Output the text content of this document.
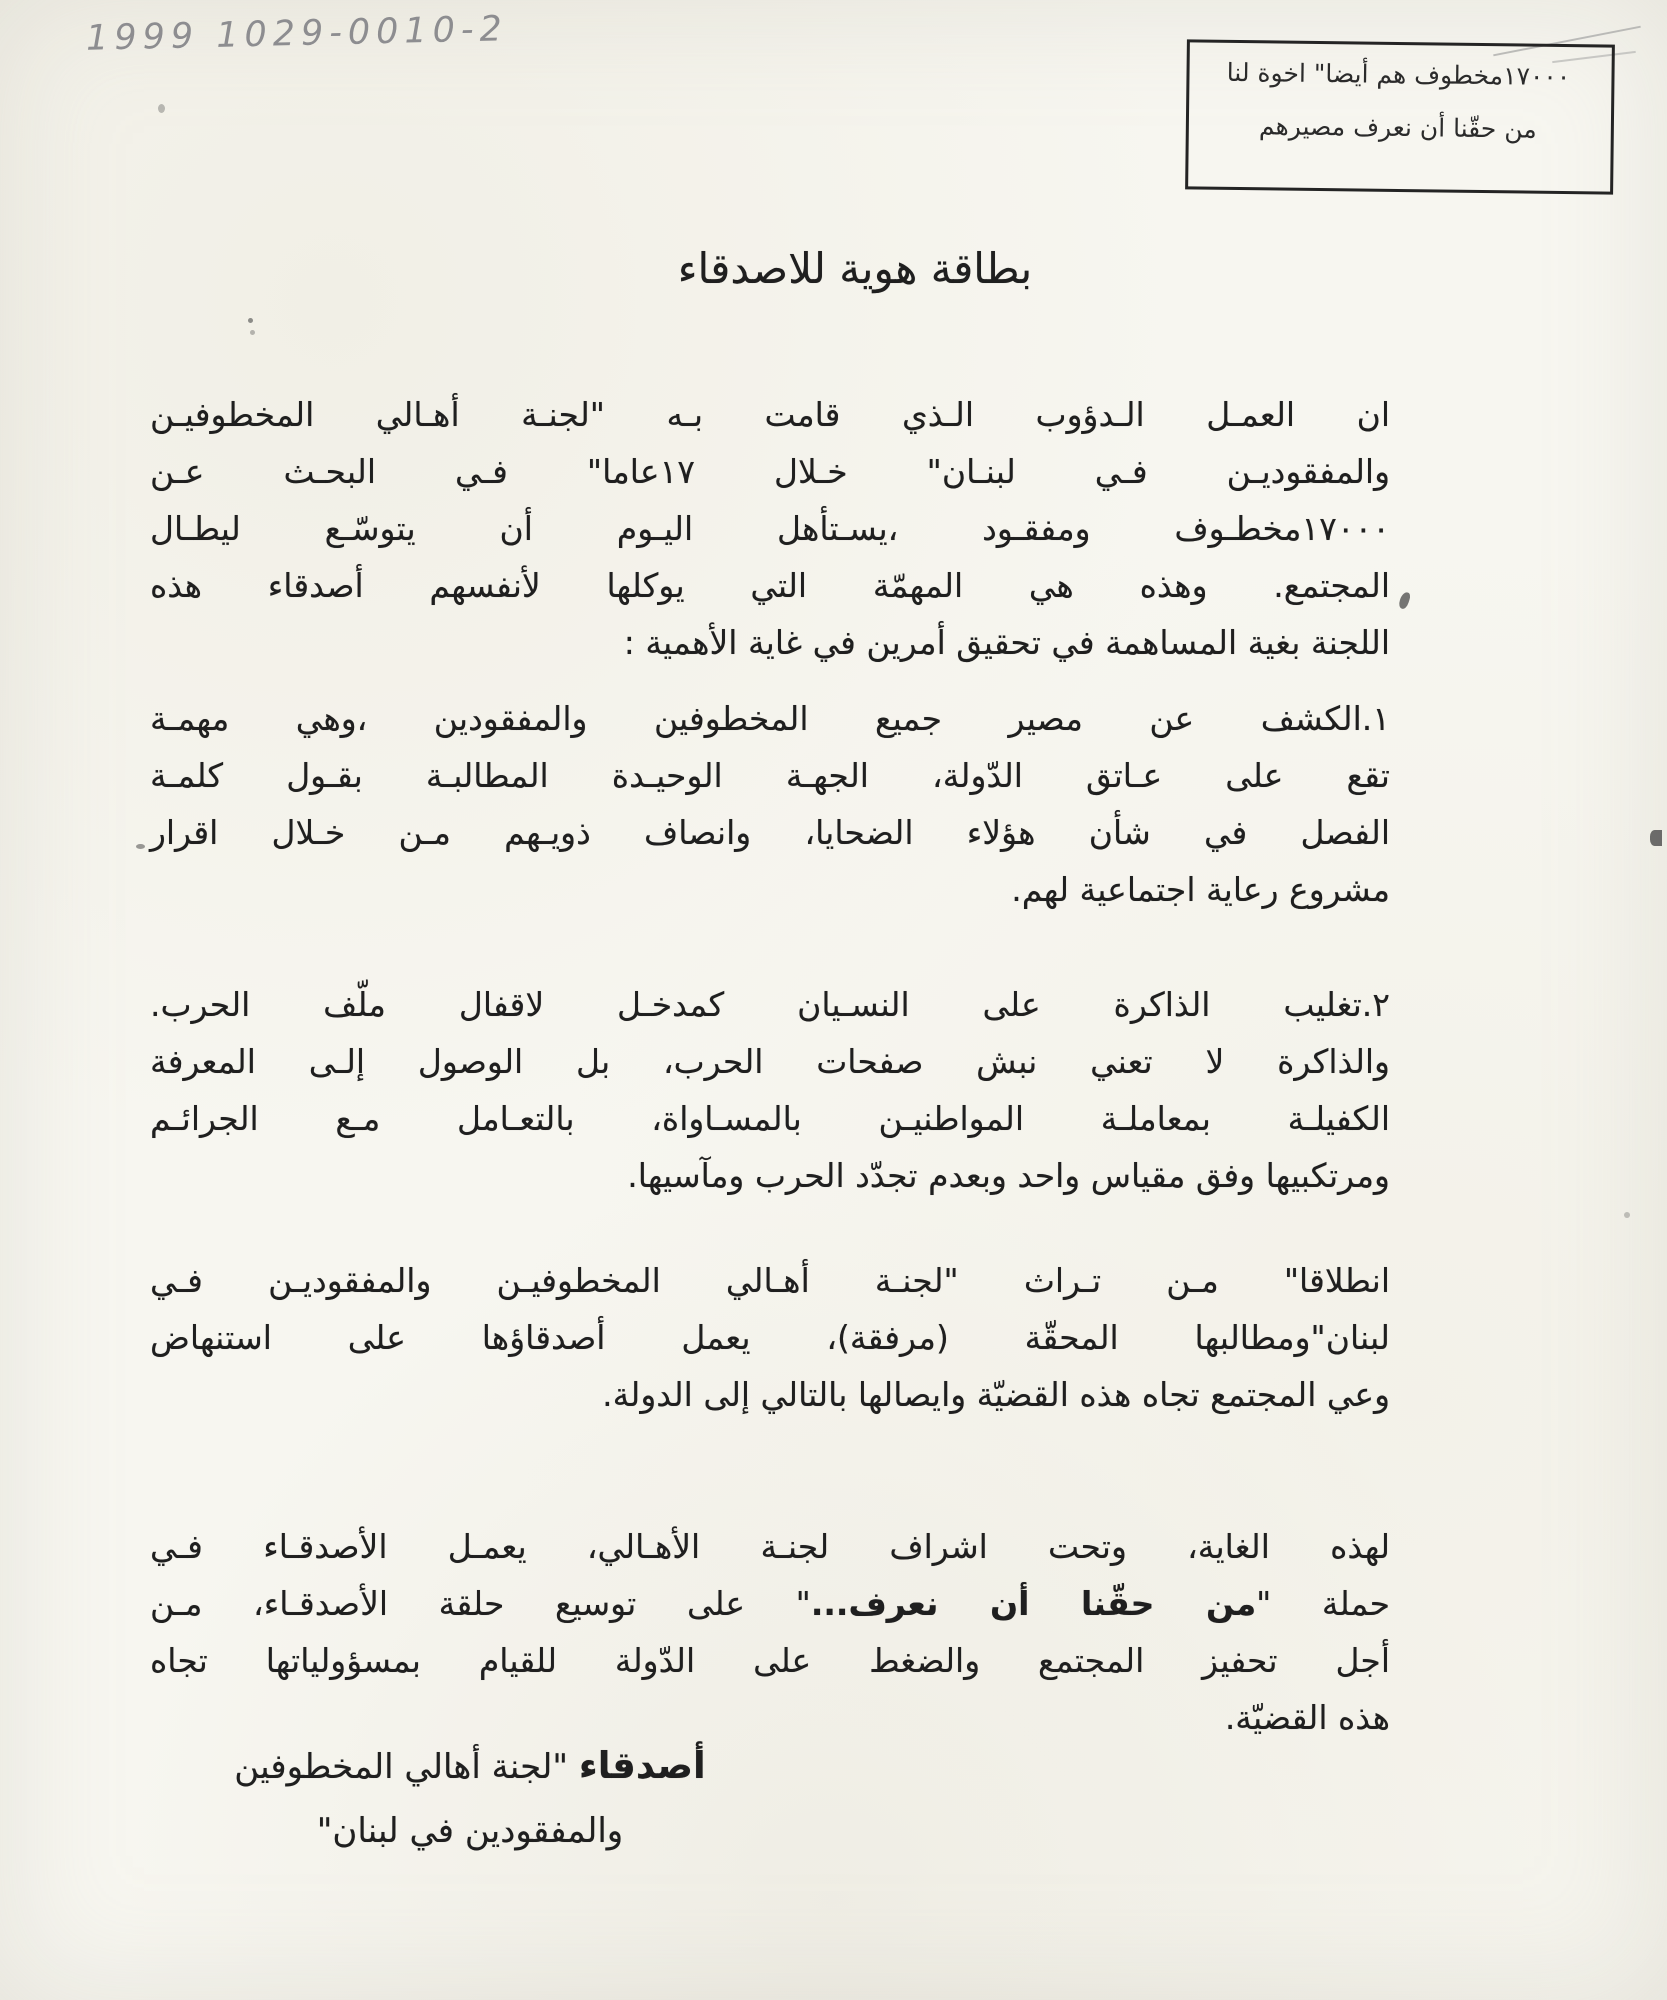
1999 1029-0010-2
١٧٠٠٠مخطوف هم أيضا" اخوة لنا
من حقّنا أن نعرف مصيرهم
بطاقة هوية للاصدقاء
ان العمـل الـدؤوب الـذي قامت بـه "لجنـة أهـالي المخطوفيـن
والمفقوديـن فـي لبنـان" خـلال ١٧عاما" فـي البحـث عـن
١٧٠٠٠مخطـوف ومفقـود ،يسـتأهل اليـوم أن يتوسّـع ليطـال
المجتمع. وهذه هي المهمّة التي يوكلها لأنفسهم أصدقاء هذه
اللجنة بغية المساهمة في تحقيق أمرين في غاية الأهمية :
١.الكشف عن مصير جميع المخطوفين والمفقودين ،وهي مهمـة
تقع على عـاتق الدّولة، الجهـة الوحيـدة المطالبـة بقـول كلمـة
الفصل في شأن هؤلاء الضحايا، وانصاف ذويـهم مـن خـلال اقرار
مشروع رعاية اجتماعية لهم.
٢.تغليب الذاكرة على النسـيان كمدخـل لاقفال ملّف الحرب.
والذاكرة لا تعني نبش صفحات الحرب، بل الوصول إلـى المعرفة
الكفيلـة بمعاملـة المواطنيـن بالمسـاواة، بالتعـامل مـع الجرائـم
ومرتكبيها وفق مقياس واحد وبعدم تجدّد الحرب ومآسيها.
انطلاقا" مـن تـراث "لجنـة أهـالي المخطوفيـن والمفقوديـن فـي
لبنان"ومطالبها المحقّة (مرفقة)، يعمل أصدقاؤها على استنهاض
وعي المجتمع تجاه هذه القضيّة وايصالها بالتالي إلى الدولة.
لهذه الغاية، وتحت اشراف لجنـة الأهـالي، يعمـل الأصدقـاء فـي
حملة "من حقّنا أن نعرف..." على توسيع حلقة الأصدقـاء، مـن
أجل تحفيز المجتمع والضغط على الدّولة للقيام بمسؤولياتها تجاه
هذه القضيّة.
أصدقاء "لجنة أهالي المخطوفين
والمفقودين في لبنان"
